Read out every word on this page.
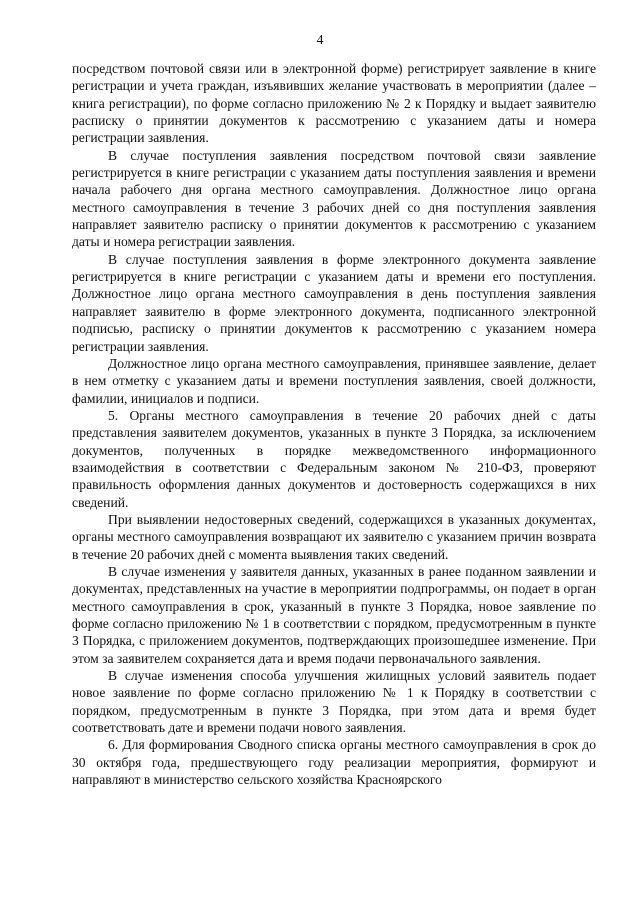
4

посредством почтовой связи или в электронной форме) регистрирует заявление в книге регистрации и учета граждан, изъявивших желание участвовать в мероприятии (далее – книга регистрации), по форме согласно приложению № 2 к Порядку и выдает заявителю расписку о принятии документов к рассмотрению с указанием даты и номера регистрации заявления.

В случае поступления заявления посредством почтовой связи заявление регистрируется в книге регистрации с указанием даты поступления заявления и времени начала рабочего дня органа местного самоуправления. Должностное лицо органа местного самоуправления в течение 3 рабочих дней со дня поступления заявления направляет заявителю расписку о принятии документов к рассмотрению с указанием даты и номера регистрации заявления.

В случае поступления заявления в форме электронного документа заявление регистрируется в книге регистрации с указанием даты и времени его поступления. Должностное лицо органа местного самоуправления в день поступления заявления направляет заявителю в форме электронного документа, подписанного электронной подписью, расписку о принятии документов к рассмотрению с указанием номера регистрации заявления.

Должностное лицо органа местного самоуправления, принявшее заявление, делает в нем отметку с указанием даты и времени поступления заявления, своей должности, фамилии, инициалов и подписи.

5. Органы местного самоуправления в течение 20 рабочих дней с даты представления заявителем документов, указанных в пункте 3 Порядка, за исключением документов, полученных в порядке межведомственного информационного взаимодействия в соответствии с Федеральным законом № 210-ФЗ, проверяют правильность оформления данных документов и достоверность содержащихся в них сведений.

При выявлении недостоверных сведений, содержащихся в указанных документах, органы местного самоуправления возвращают их заявителю с указанием причин возврата в течение 20 рабочих дней с момента выявления таких сведений.

В случае изменения у заявителя данных, указанных в ранее поданном заявлении и документах, представленных на участие в мероприятии подпрограммы, он подает в орган местного самоуправления в срок, указанный в пункте 3 Порядка, новое заявление по форме согласно приложению № 1 в соответствии с порядком, предусмотренным в пункте 3 Порядка, с приложением документов, подтверждающих произошедшее изменение. При этом за заявителем сохраняется дата и время подачи первоначального заявления.

В случае изменения способа улучшения жилищных условий заявитель подает новое заявление по форме согласно приложению № 1 к Порядку в соответствии с порядком, предусмотренным в пункте 3 Порядка, при этом дата и время будет соответствовать дате и времени подачи нового заявления.

6. Для формирования Сводного списка органы местного самоуправления в срок до 30 октября года, предшествующего году реализации мероприятия, формируют и направляют в министерство сельского хозяйства Красноярского
